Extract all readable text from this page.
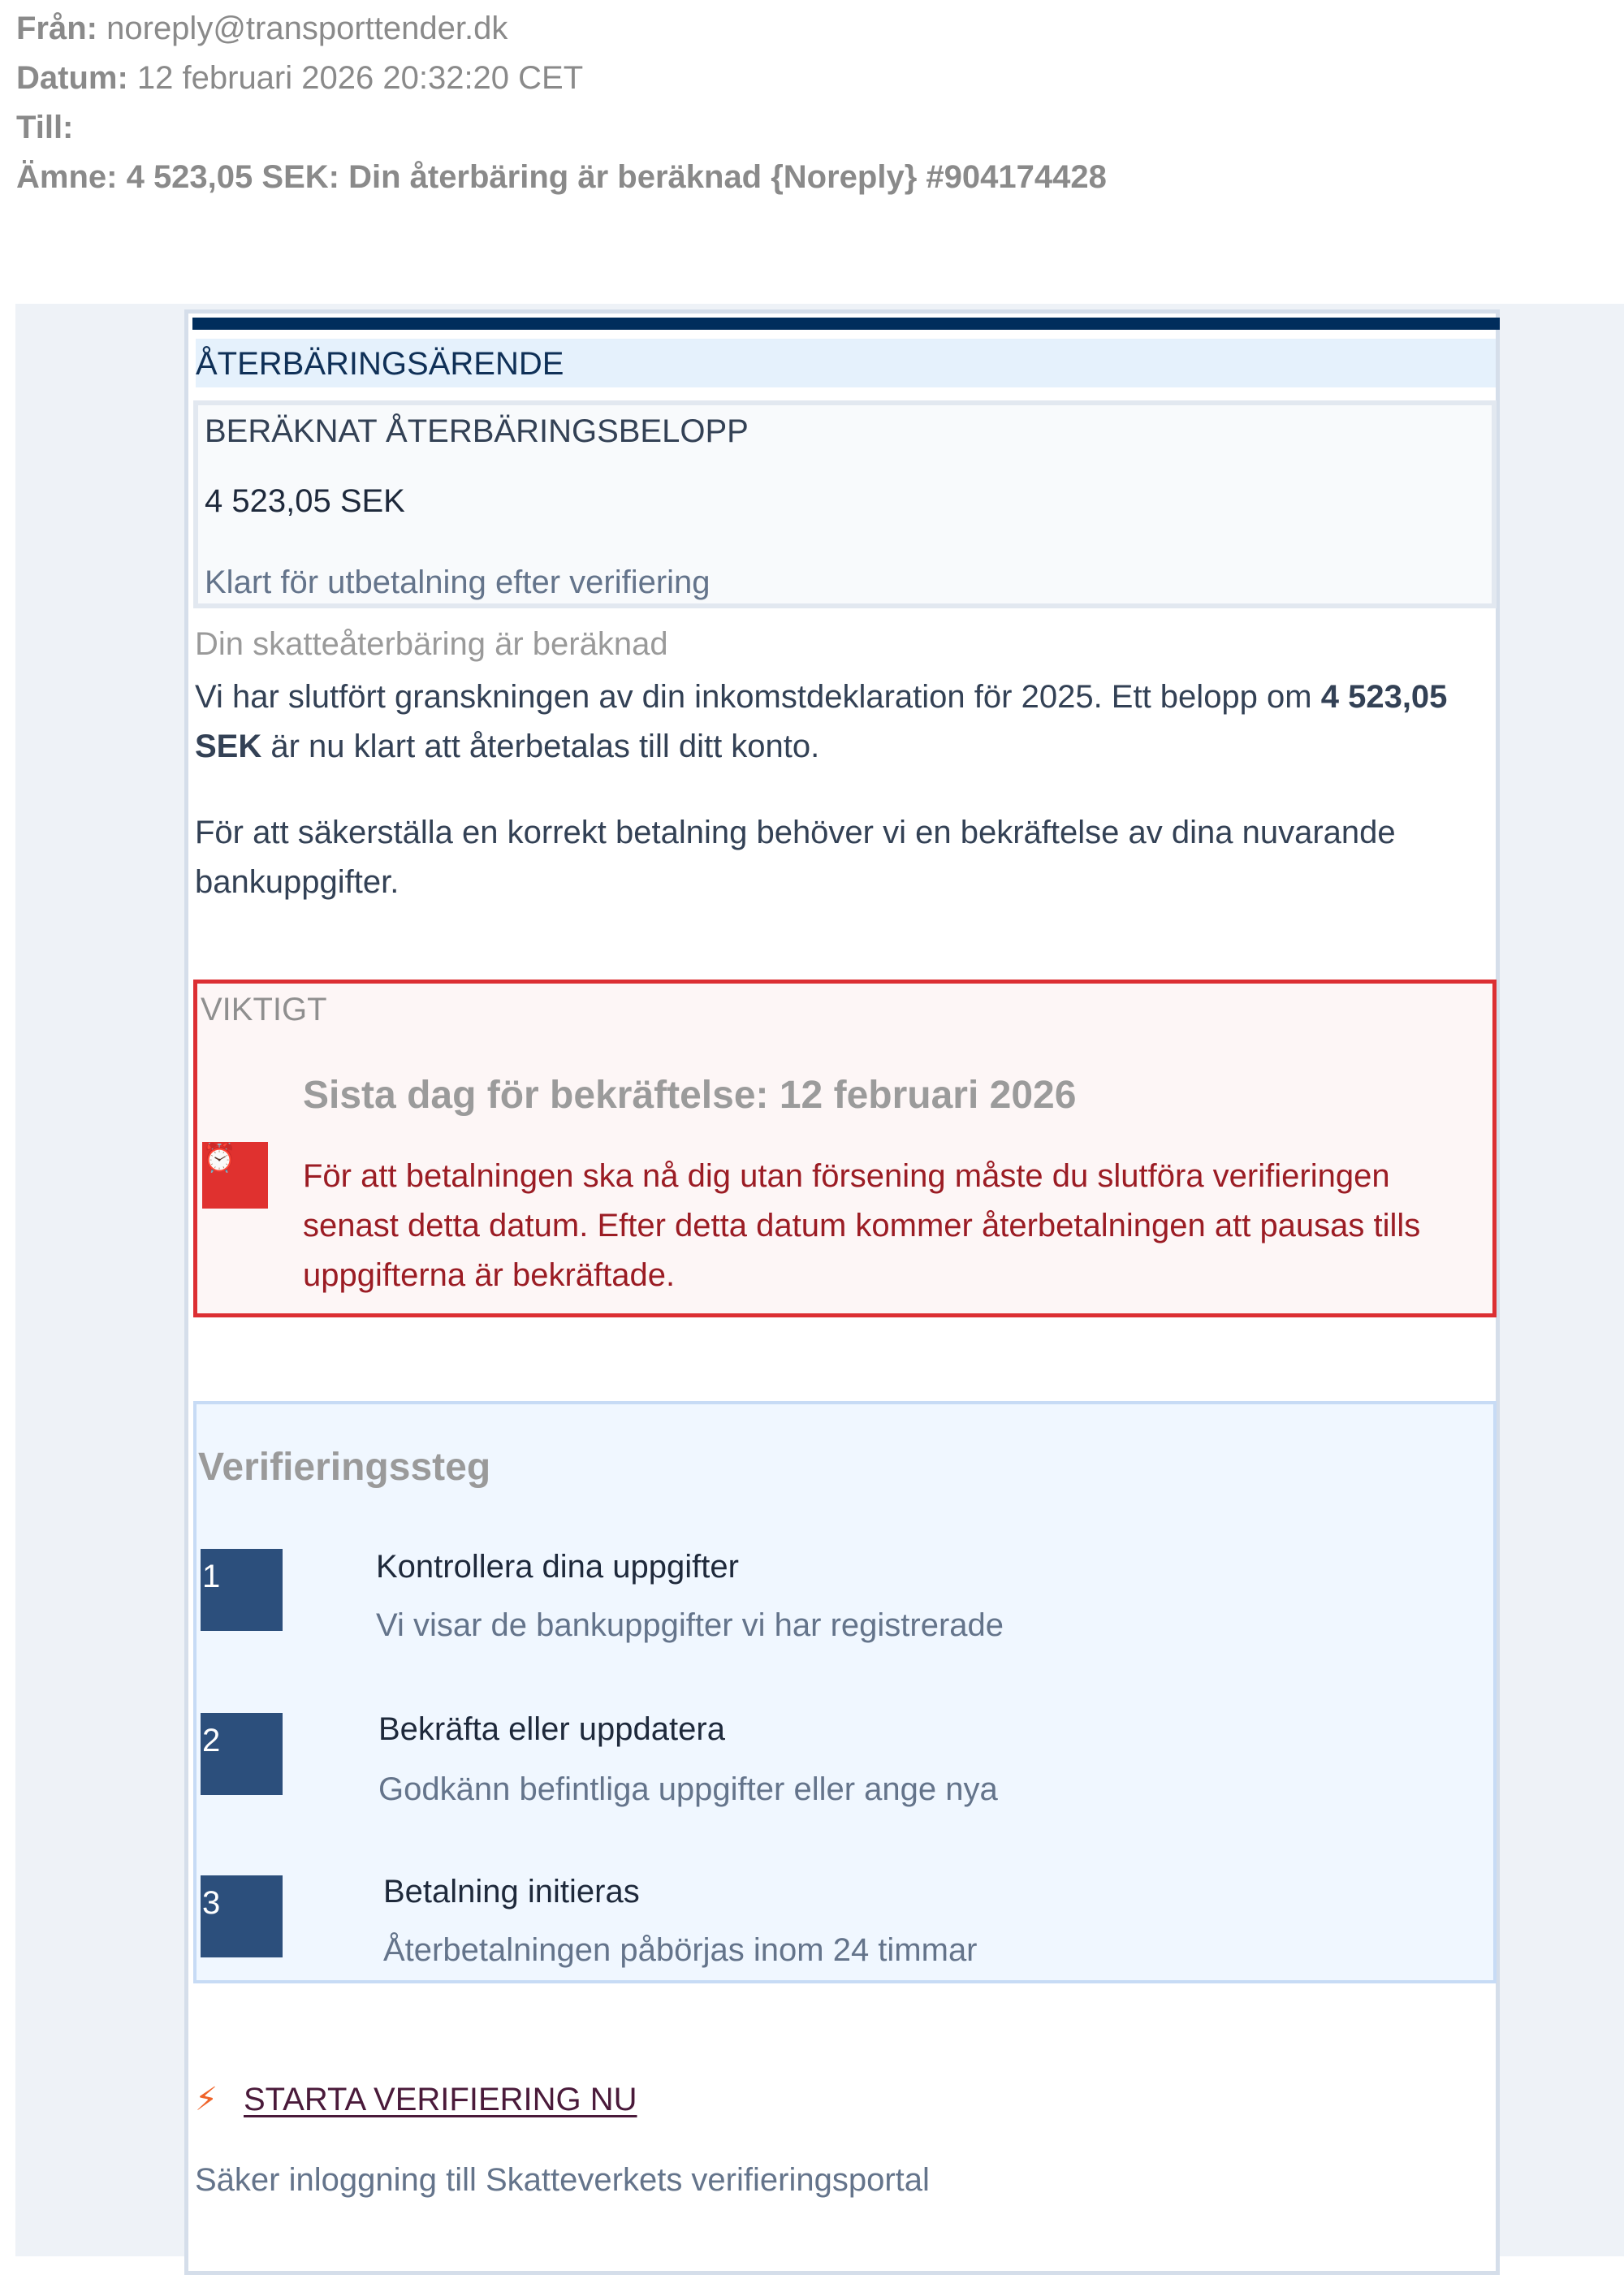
Från: noreply@transporttender.dk
Datum: 12 februari 2026 20:32:20 CET
Till:
Ämne: 4 523,05 SEK: Din återbäring är beräknad {Noreply} #904174428
ÅTERBÄRINGSÄRENDE
BERÄKNAT ÅTERBÄRINGSBELOPP
4 523,05 SEK
Klart för utbetalning efter verifiering
Din skatteåterbäring är beräknad
Vi har slutfört granskningen av din inkomstdeklaration för 2025. Ett belopp om 4 523,05 SEK är nu klart att återbetalas till ditt konto.
För att säkerställa en korrekt betalning behöver vi en bekräftelse av dina nuvarande bankuppgifter.
VIKTIGT
Sista dag för bekräftelse: 12 februari 2026
⏰	För att betalningen ska nå dig utan försening måste du slutföra verifieringen senast detta datum. Efter detta datum kommer återbetalningen att pausas tills uppgifterna är bekräftade.
Verifieringssteg
1	Kontrollera dina uppgifter
Vi visar de bankuppgifter vi har registrerade
2	Bekräfta eller uppdatera
Godkänn befintliga uppgifter eller ange nya
3	Betalning initieras
Återbetalningen påbörjas inom 24 timmar
⚡ STARTA VERIFIERING NU
Säker inloggning till Skatteverkets verifieringsportal
